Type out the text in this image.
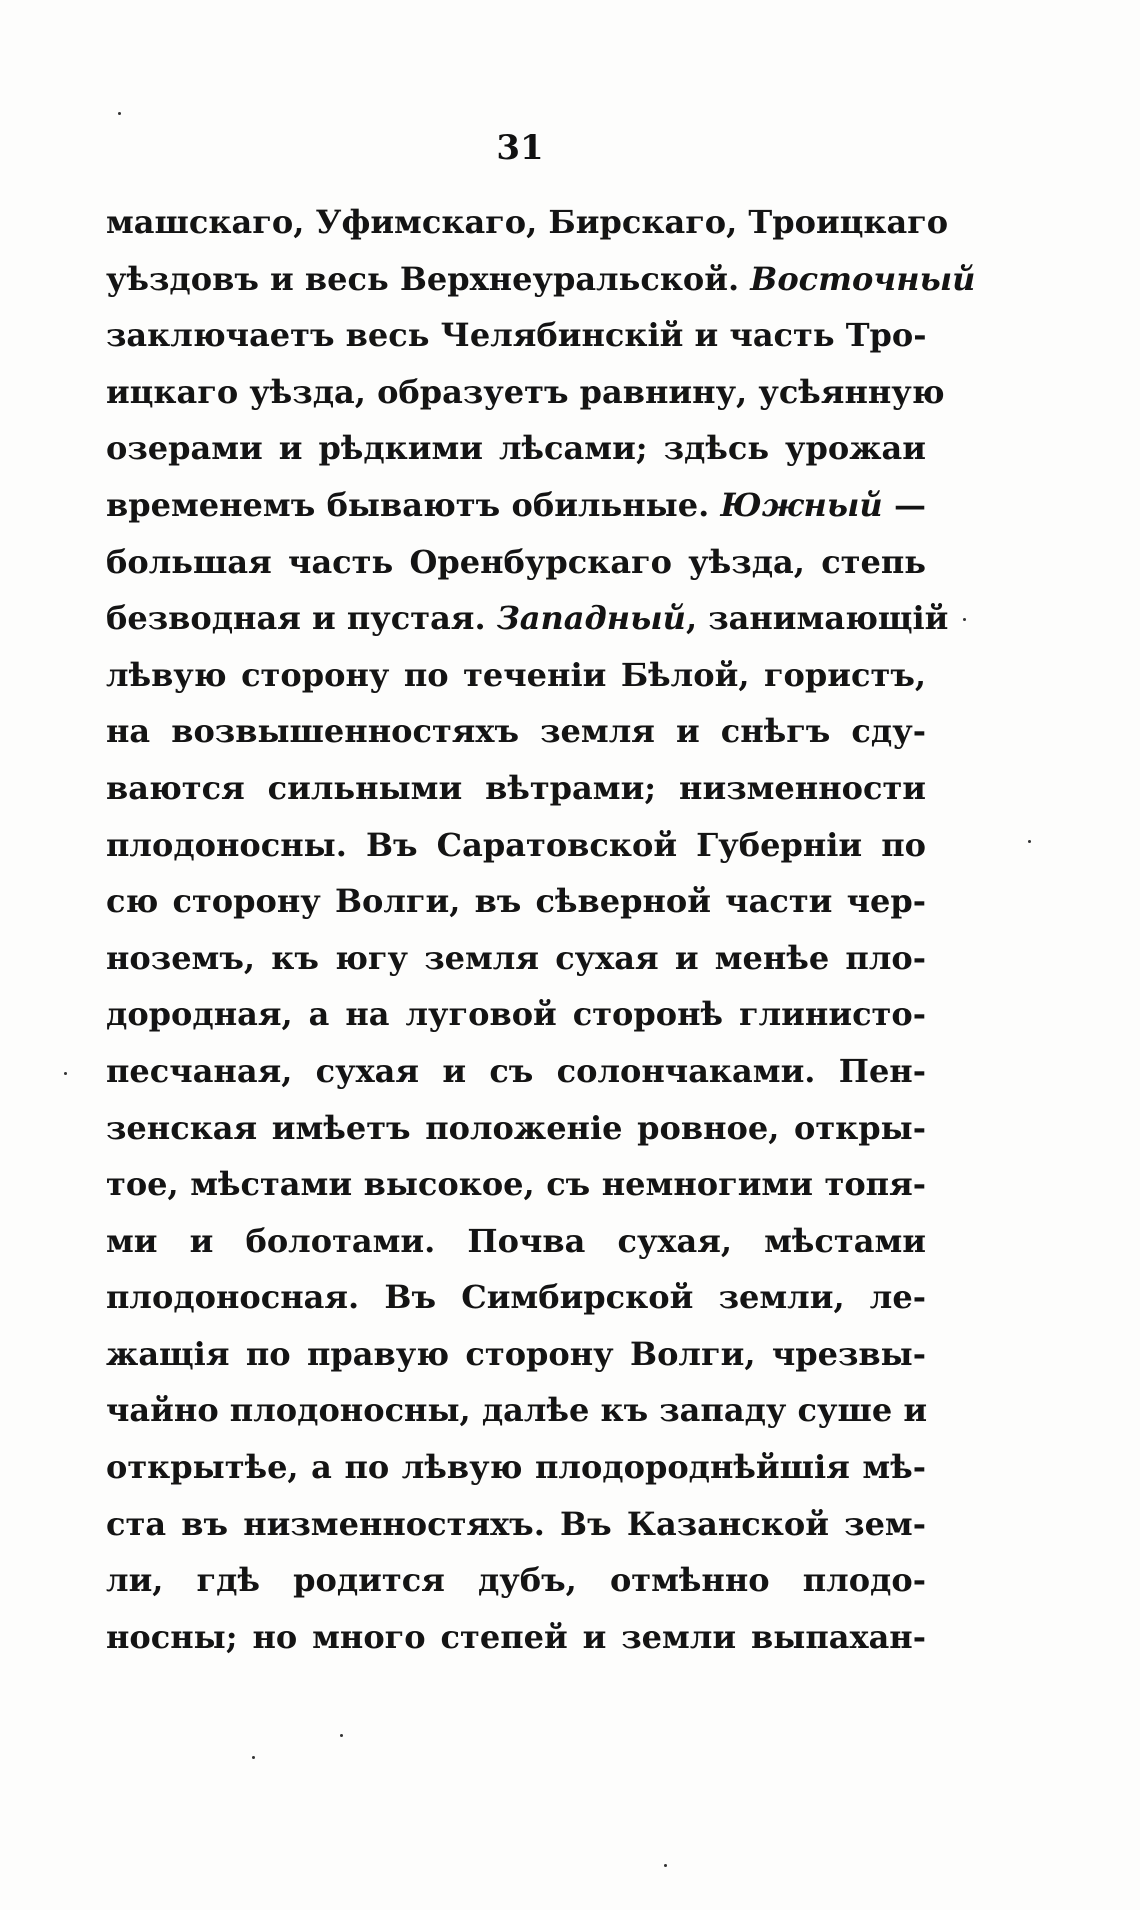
31
машскаго, Уфимскаго, Бирскаго, Троицкаго
уѣздовъ и весь Верхнеуральской. Восточный
заключаетъ весь Челябинскій и часть Тро-
ицкаго уѣзда, образуетъ равнину, усѣянную
озерами и рѣдкими лѣсами; здѣсь урожаи
временемъ бываютъ обильные. Южный —
большая часть Оренбурскаго уѣзда, степь
безводная и пустая. Западный, занимающій
лѣвую сторону по теченіи Бѣлой, гористъ,
на возвышенностяхъ земля и снѣгъ сду-
ваются сильными вѣтрами; низменности
плодоносны. Въ Саратовской Губерніи по
сю сторону Волги, въ сѣверной части чер-
ноземъ, къ югу земля сухая и менѣе пло-
дородная, а на луговой сторонѣ глинисто-
песчаная, сухая и съ солончаками. Пен-
зенская имѣетъ положеніе ровное, откры-
тое, мѣстами высокое, съ немногими топя-
ми и болотами. Почва сухая, мѣстами
плодоносная. Въ Симбирской земли, ле-
жащія по правую сторону Волги, чрезвы-
чайно плодоносны, далѣе къ западу суше и
открытѣе, а по лѣвую плодороднѣйшія мѣ-
ста въ низменностяхъ. Въ Казанской зем-
ли, гдѣ родится дубъ, отмѣнно плодо-
носны; но много степей и земли выпахан-
